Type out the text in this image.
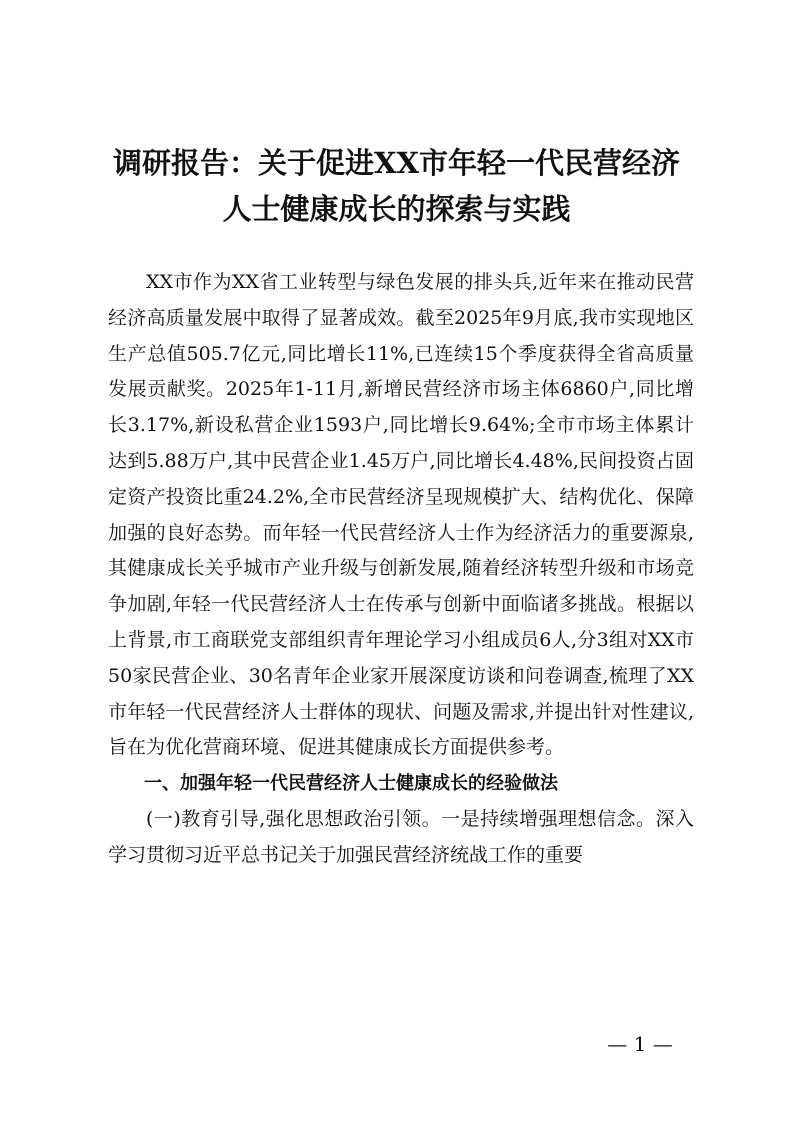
调研报告：关于促进XX市年轻一代民营经济
人士健康成长的探索与实践

XX市作为XX省工业转型与绿色发展的排头兵,近年来在推动民营经济高质量发展中取得了显著成效。截至2025年9月底,我市实现地区生产总值505.7亿元,同比增长11%,已连续15个季度获得全省高质量发展贡献奖。2025年1-11月,新增民营经济市场主体6860户,同比增长3.17%,新设私营企业1593户,同比增长9.64%;全市市场主体累计达到5.88万户,其中民营企业1.45万户,同比增长4.48%,民间投资占固定资产投资比重24.2%,全市民营经济呈现规模扩大、结构优化、保障加强的良好态势。而年轻一代民营经济人士作为经济活力的重要源泉,其健康成长关乎城市产业升级与创新发展,随着经济转型升级和市场竞争加剧,年轻一代民营经济人士在传承与创新中面临诸多挑战。根据以上背景,市工商联党支部组织青年理论学习小组成员6人,分3组对XX市50家民营企业、30名青年企业家开展深度访谈和问卷调查,梳理了XX市年轻一代民营经济人士群体的现状、问题及需求,并提出针对性建议,旨在为优化营商环境、促进其健康成长方面提供参考。

一、加强年轻一代民营经济人士健康成长的经验做法

(一)教育引导,强化思想政治引领。一是持续增强理想信念。深入学习贯彻习近平总书记关于加强民营经济统战工作的重要

— 1 —
